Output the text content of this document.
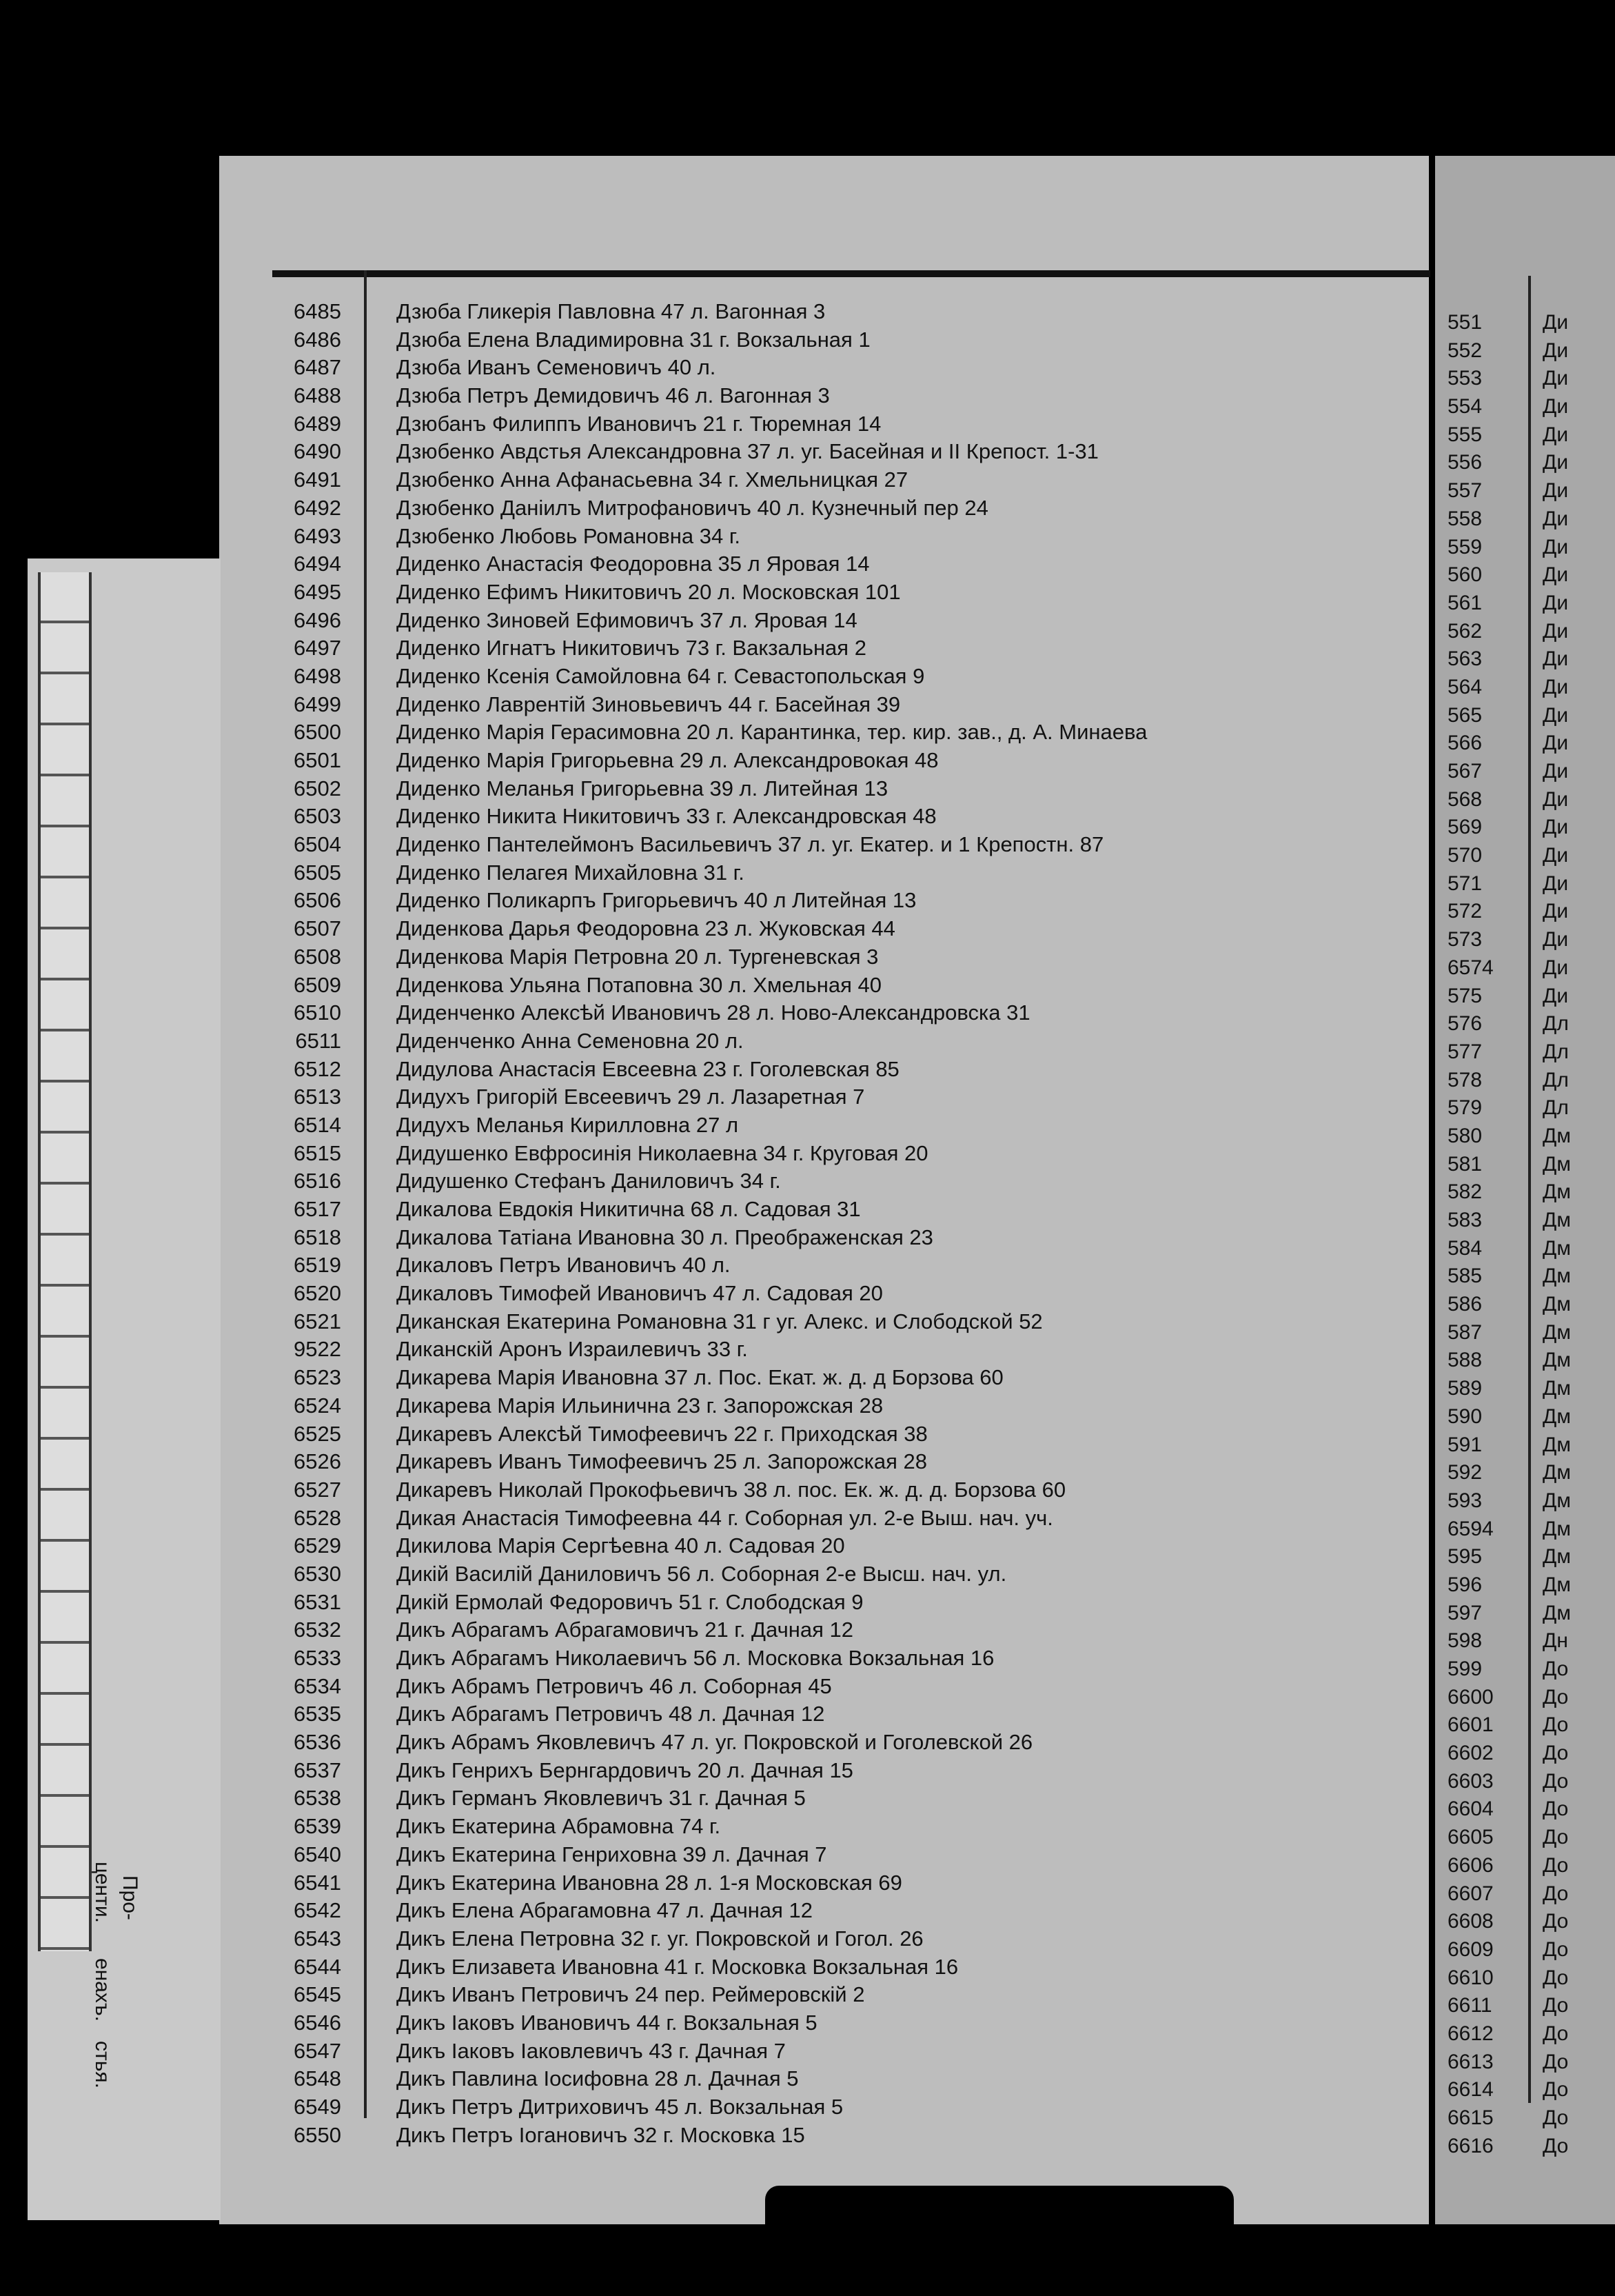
6485	Дзюба Гликерія Павловна 47 л. Вагонная 3
6486	Дзюба Елена Владимировна 31 г. Вокзальная 1
6487	Дзюба Иванъ Семеновичъ 40 л.
6488	Дзюба Петръ Демидовичъ 46 л. Вагонная 3
6489	Дзюбанъ Филиппъ Ивановичъ 21 г. Тюремная 14
6490	Дзюбенко Авдстья Александровна 37 л. уг. Басейная и II Крепост. 1-31
6491	Дзюбенко Анна Афанасьевна 34 г. Хмельницкая 27
6492	Дзюбенко Даніилъ Митрофановичъ 40 л. Кузнечный пер 24
6493	Дзюбенко Любовь Романовна 34 г.
6494	Диденко Анастасія Феодоровна 35 л Яровая 14
6495	Диденко Ефимъ Никитовичъ 20 л. Московская 101
6496	Диденко Зиновей Ефимовичъ 37 л. Яровая 14
6497	Диденко Игнатъ Никитовичъ 73 г. Вакзальная 2
6498	Диденко Ксенія Самойловна 64 г. Севастопольская 9
6499	Диденко Лаврентій Зиновьевичъ 44 г. Басейная 39
6500	Диденко Марія Герасимовна 20 л. Карантинка, тер. кир. зав., д. А. Минаева
6501	Диденко Марія Григорьевна 29 л. Александровокая 48
6502	Диденко Меланья Григорьевна 39 л. Литейная 13
6503	Диденко Никита Никитовичъ 33 г. Александровская 48
6504	Диденко Пантелеймонъ Васильевичъ 37 л. уг. Екатер. и 1 Крепостн. 87
6505	Диденко Пелагея Михайловна 31 г.
6506	Диденко Поликарпъ Григорьевичъ 40 л Литейная 13
6507	Диденкова Дарья Феодоровна 23 л. Жуковская 44
6508	Диденкова Марія Петровна 20 л. Тургеневская 3
6509	Диденкова Ульяна Потаповна 30 л. Хмельная 40
6510	Диденченко Алексѣй Ивановичъ 28 л. Ново-Александровска 31
6511	Диденченко Анна Семеновна 20 л.
6512	Дидулова Анастасія Евсеевна 23 г. Гоголевская 85
6513	Дидухъ Григорій Евсеевичъ 29 л. Лазаретная 7
6514	Дидухъ Меланья Кирилловна 27 л
6515	Дидушенко Евфросинія Николаевна 34 г. Круговая 20
6516	Дидушенко Стефанъ Даниловичъ 34 г.
6517	Дикалова Евдокія Никитична 68 л. Садовая 31
6518	Дикалова Татіана Ивановна 30 л. Преображенская 23
6519	Дикаловъ Петръ Ивановичъ 40 л.
6520	Дикаловъ Тимофей Ивановичъ 47 л. Садовая 20
6521	Диканская Екатерина Романовна 31 г уг. Алекс. и Слободской 52
9522	Диканскій Аронъ Израилевичъ 33 г.
6523	Дикарева Марія Ивановна 37 л. Пос. Екат. ж. д. д Борзова 60
6524	Дикарева Марія Ильинична 23 г. Запорожская 28
6525	Дикаревъ Алексѣй Тимофеевичъ 22 г. Приходская 38
6526	Дикаревъ Иванъ Тимофеевичъ 25 л. Запорожская 28
6527	Дикаревъ Николай Прокофьевичъ 38 л. пос. Ек. ж. д. д. Борзова 60
6528	Дикая Анастасія Тимофеевна 44 г. Соборная ул. 2-е Выш. нач. уч.
6529	Дикилова Марія Сергѣевна 40 л. Садовая 20
6530	Дикій Василій Даниловичъ 56 л. Соборная 2-е Высш. нач. ул.
6531	Дикій Ермолай Федоровичъ 51 г. Слободская 9
6532	Дикъ Абрагамъ Абрагамовичъ 21 г. Дачная 12
6533	Дикъ Абрагамъ Николаевичъ 56 л. Московка Вокзальная 16
6534	Дикъ Абрамъ Петровичъ 46 л. Соборная 45
6535	Дикъ Абрагамъ Петровичъ 48 л. Дачная 12
6536	Дикъ Абрамъ Яковлевичъ 47 л. уг. Покровской и Гоголевской 26
6537	Дикъ Генрихъ Бернгардовичъ 20 л. Дачная 15
6538	Дикъ Германъ Яковлевичъ 31 г. Дачная 5
6539	Дикъ Екатерина Абрамовна 74 г.
6540	Дикъ Екатерина Генриховна 39 л. Дачная 7
6541	Дикъ Екатерина Ивановна 28 л. 1-я Московская 69
6542	Дикъ Елена Абрагамовна 47 л. Дачная 12
6543	Дикъ Елена Петровна 32 г. уг. Покровской и Гогол. 26
6544	Дикъ Елизавета Ивановна 41 г. Московка Вокзальная 16
6545	Дикъ Иванъ Петровичъ 24 пер. Реймеровскій 2
6546	Дикъ Іаковъ Ивановичъ 44 г. Вокзальная 5
6547	Дикъ Іаковъ Іаковлевичъ 43 г. Дачная 7
6548	Дикъ Павлина Іосифовна 28 л. Дачная 5
6549	Дикъ Петръ Дитриховичъ 45 л. Вокзальная 5
6550	Дикъ Петръ Іогановичъ 32 г. Московка 15
551	Ди
552	Ди
553	Ди
554	Ди
555	Ди
556	Ди
557	Ди
558	Ди
559	Ди
560	Ди
561	Ди
562	Ди
563	Ди
564	Ди
565	Ди
566	Ди
567	Ди
568	Ди
569	Ди
570	Ди
571	Ди
572	Ди
573	Ди
6574	Ди
575	Ди
576	Дл
577	Дл
578	Дл
579	Дл
580	Дм
581	Дм
582	Дм
583	Дм
584	Дм
585	Дм
586	Дм
587	Дм
588	Дм
589	Дм
590	Дм
591	Дм
592	Дм
593	Дм
6594	Дм
595	Дм
596	Дм
597	Дм
598	Дн
599	До
6600	До
6601	До
6602	До
6603	До
6604	До
6605	До
6606	До
6607	До
6608	До
6609	До
6610	До
6611	До
6612	До
6613	До
6614	До
6615	До
6616	До
Про-
центи.
енахъ.
стья.
